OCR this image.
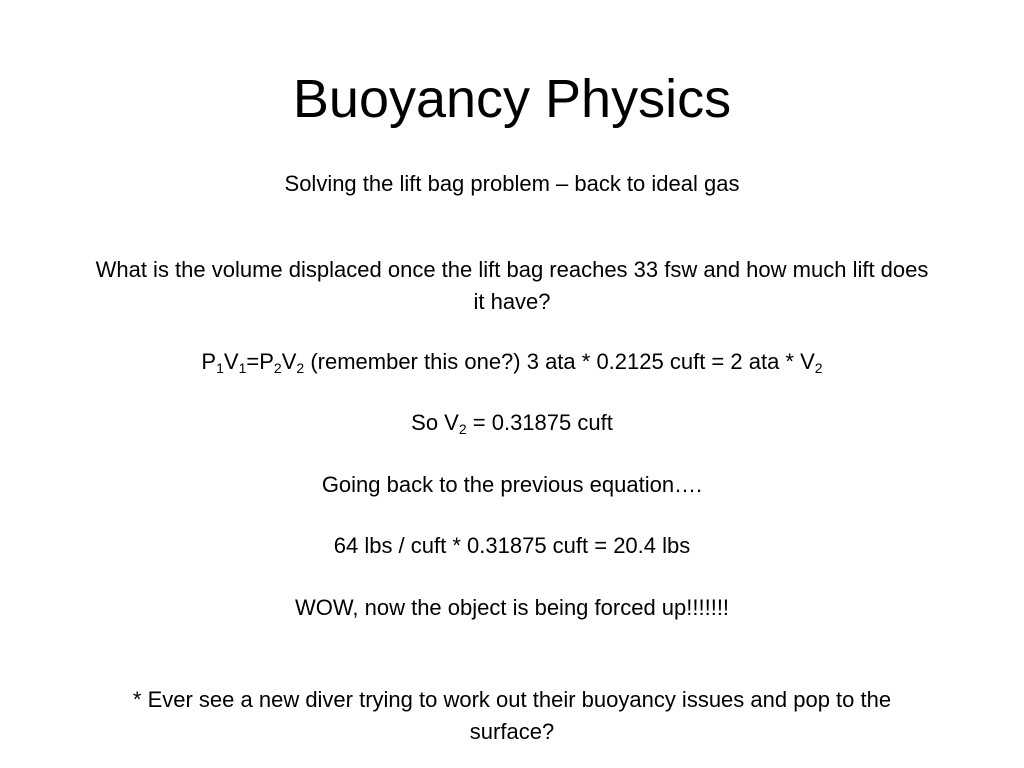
Buoyancy Physics

Solving the lift bag problem – back to ideal gas

What is the volume displaced once the lift bag reaches 33 fsw and how much lift does it have?

$P_1V_1=P_2V_2$ (remember this one?) 3 ata * 0.2125 cuft = 2 ata * $V_2$

So $V_2 = 0.31875$ cuft

Going back to the previous equation….

64 lbs / cuft * 0.31875 cuft = 20.4 lbs

WOW, now the object is being forced up!!!!!!!

* Ever see a new diver trying to work out their buoyancy issues and pop to the surface?
